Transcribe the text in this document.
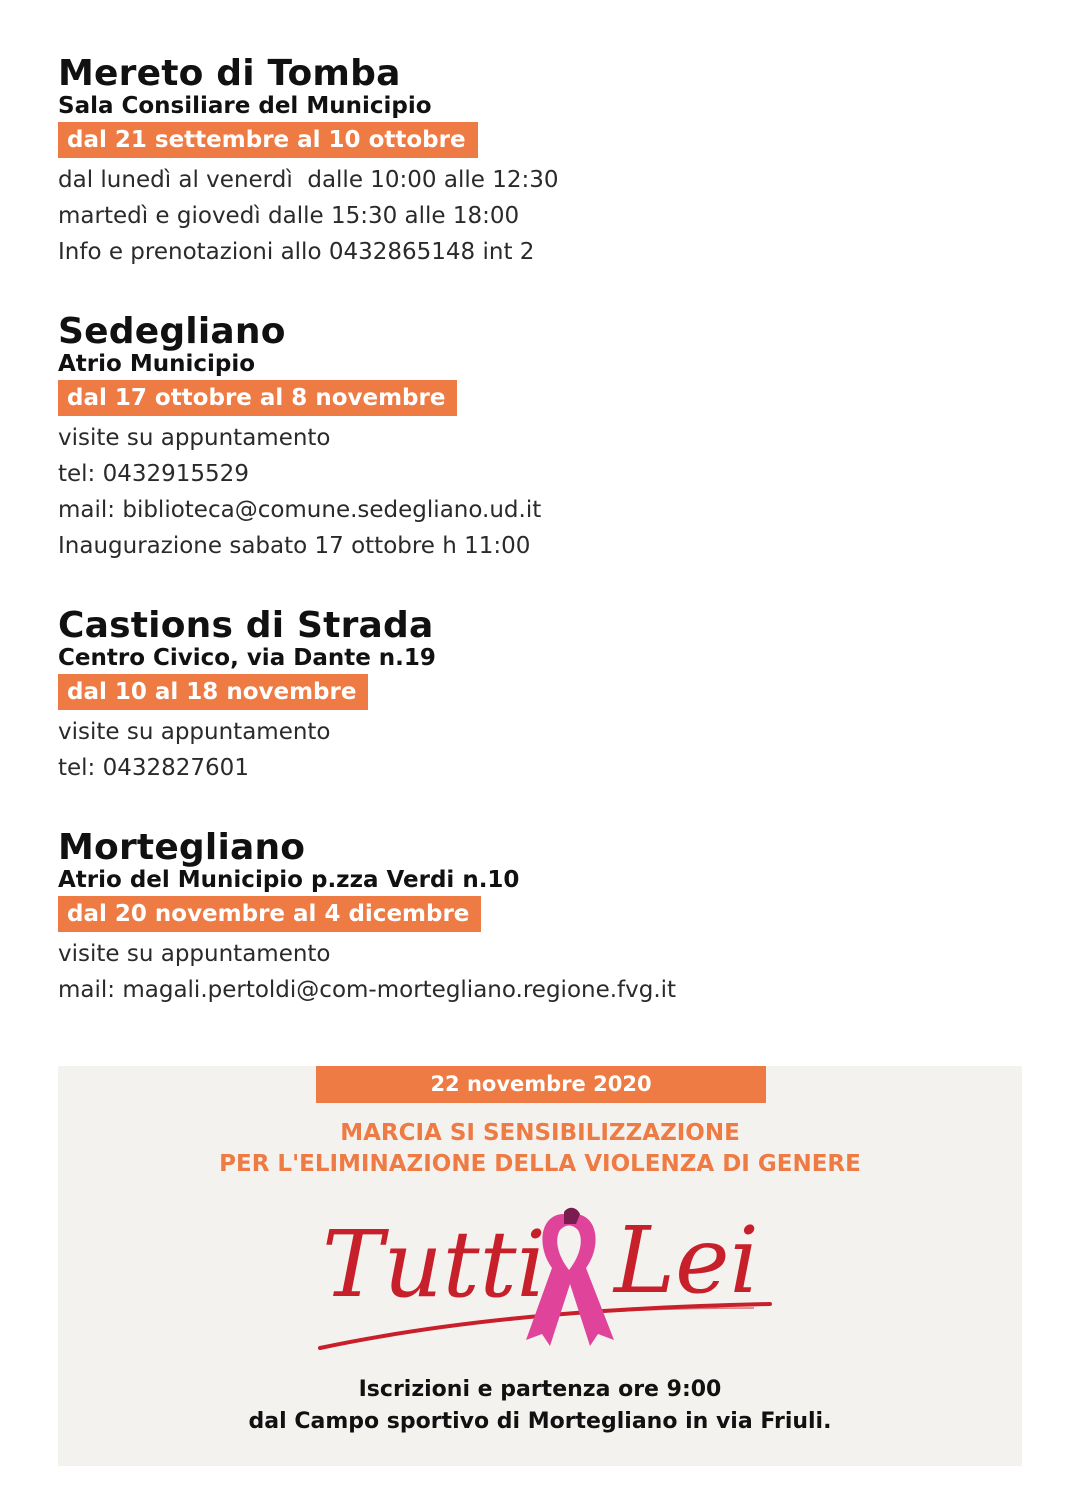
Mereto di Tomba
Sala Consiliare del Municipio
dal 21 settembre al 10 ottobre
dal lunedì al venerdì  dalle 10:00 alle 12:30
martedì e giovedì dalle 15:30 alle 18:00
Info e prenotazioni allo 0432865148 int 2
Sedegliano
Atrio Municipio
dal 17 ottobre al 8 novembre
visite su appuntamento
tel: 0432915529
mail: biblioteca@comune.sedegliano.ud.it
Inaugurazione sabato 17 ottobre h 11:00
Castions di Strada
Centro Civico, via Dante n.19
dal 10 al 18 novembre
visite su appuntamento
tel: 0432827601
Mortegliano
Atrio del Municipio p.zza Verdi n.10
dal 20 novembre al 4 dicembre
visite su appuntamento
mail: magali.pertoldi@com-mortegliano.regione.fvg.it
22 novembre 2020
MARCIA SI SENSIBILIZZAZIONE
PER L'ELIMINAZIONE DELLA VIOLENZA DI GENERE
Tutti Lei
Iscrizioni e partenza ore 9:00
dal Campo sportivo di Mortegliano in via Friuli.
